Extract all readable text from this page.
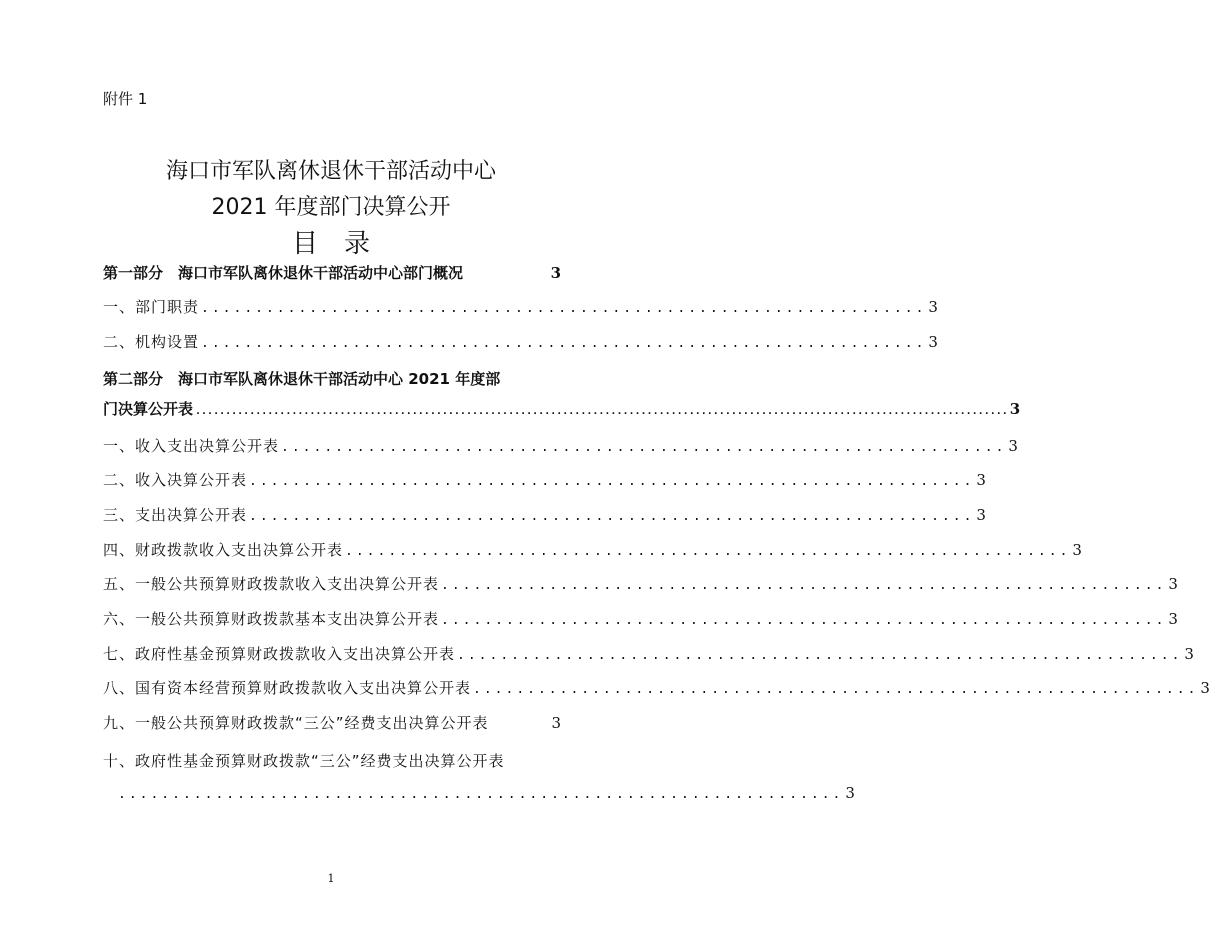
附件 1
海口市军队离休退休干部活动中心
2021 年度部门决算公开
目录
第一部分　海口市军队离休退休干部活动中心部门概况	3
一、部门职责 ................................................................... 3
二、机构设置 ................................................................... 3
第二部分　海口市军队离休退休干部活动中心 2021 年度部
门决算公开表 ....................................................................................................................................... 3
一、收入支出决算公开表 ................................................................... 3
二、收入决算公开表 ................................................................... 3
三、支出决算公开表 ................................................................... 3
四、财政拨款收入支出决算公开表 ................................................................... 3
五、一般公共预算财政拨款收入支出决算公开表 ................................................................... 3
六、一般公共预算财政拨款基本支出决算公开表 ................................................................... 3
七、政府性基金预算财政拨款收入支出决算公开表 ................................................................... 3
八、国有资本经营预算财政拨款收入支出决算公开表 ................................................................... 3
九、一般公共预算财政拨款“三公”经费支出决算公开表	3
十、政府性基金预算财政拨款“三公”经费支出决算公开表
................................................................... 3
1
